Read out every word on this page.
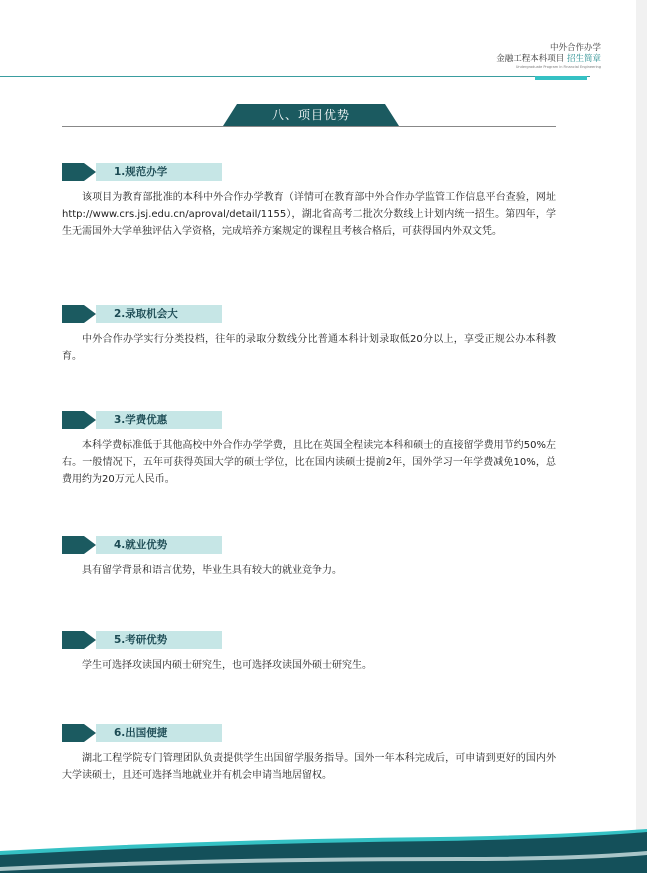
中外合作办学
金融工程本科项目 招生简章
Undergraduate Program in Financial Engineering
八、项目优势
1.规范办学

该项目为教育部批准的本科中外合作办学教育（详情可在教育部中外合作办学监管工作信息平台查验，网址http://www.crs.jsj.edu.cn/aproval/detail/1155），湖北省高考二批次分数线上计划内统一招生。第四年，学生无需国外大学单独评估入学资格，完成培养方案规定的课程且考核合格后，可获得国内外双文凭。

2.录取机会大

中外合作办学实行分类投档，往年的录取分数线分比普通本科计划录取低20分以上，享受正规公办本科教育。

3.学费优惠

本科学费标准低于其他高校中外合作办学学费，且比在英国全程读完本科和硕士的直接留学费用节约50%左右。一般情况下，五年可获得英国大学的硕士学位，比在国内读硕士提前2年，国外学习一年学费减免10%，总费用约为20万元人民币。

4.就业优势

具有留学背景和语言优势，毕业生具有较大的就业竞争力。

5.考研优势

学生可选择攻读国内硕士研究生，也可选择攻读国外硕士研究生。

6.出国便捷

湖北工程学院专门管理团队负责提供学生出国留学服务指导。国外一年本科完成后，可申请到更好的国内外大学读硕士，且还可选择当地就业并有机会申请当地居留权。
